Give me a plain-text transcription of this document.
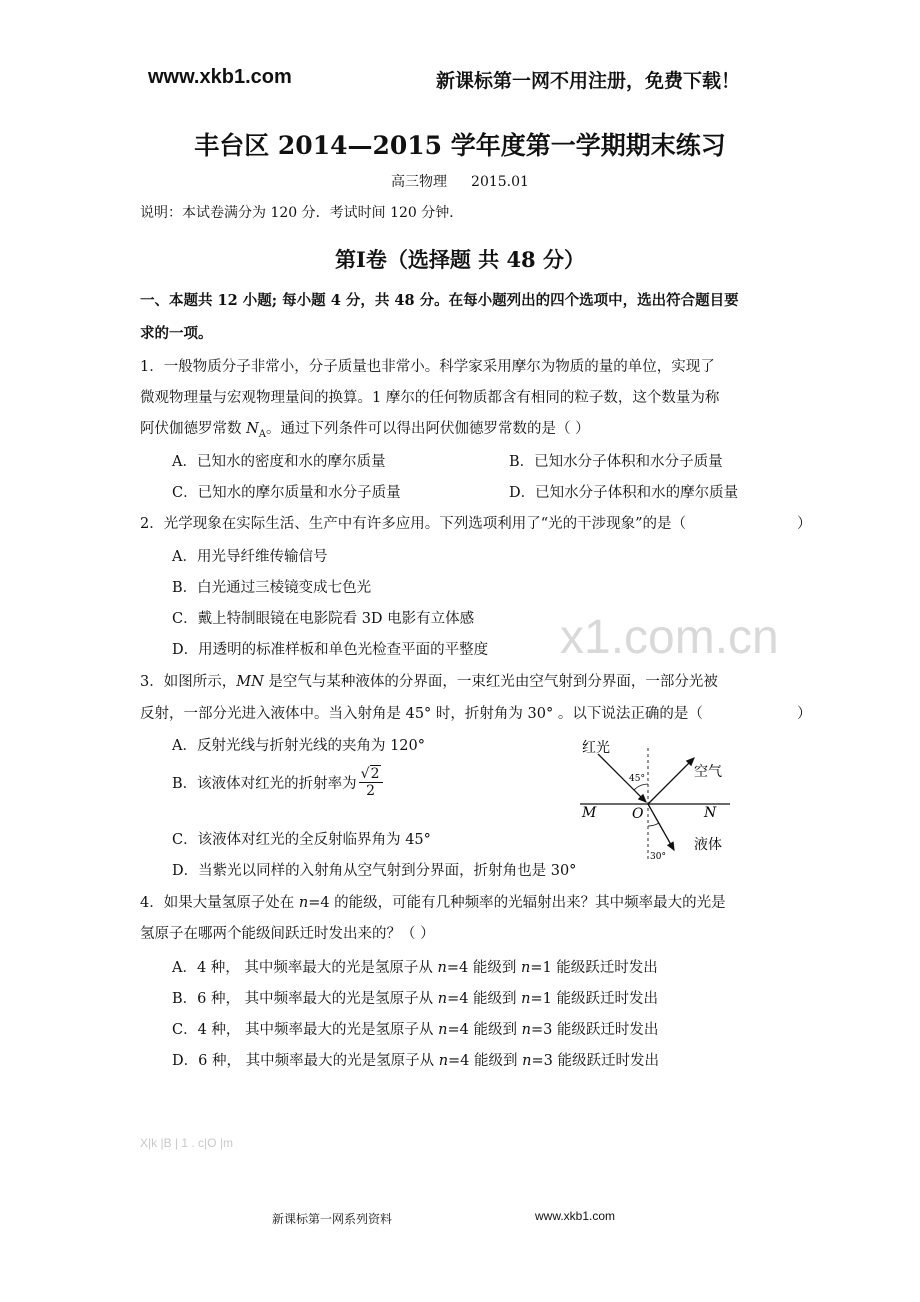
www.xkb1.com	新课标第一网不用注册，免费下载！
丰台区 2014—2015 学年度第一学期期末练习
高三物理 2015.01
说明：本试卷满分为 120 分．考试时间 120 分钟．
第Ⅰ卷（选择题 共 48 分）
一、本题共 12 小题; 每小题 4 分，共 48 分。在每小题列出的四个选项中，选出符合题目要
求的一项。
1．一般物质分子非常小，分子质量也非常小。科学家采用摩尔为物质的量的单位，实现了
微观物理量与宏观物理量间的换算。1 摩尔的任何物质都含有相同的粒子数，这个数量为称
阿伏伽德罗常数 $N_A$。通过下列条件可以得出阿伏伽德罗常数的是（ ）
A．已知水的密度和水的摩尔质量	B．已知水分子体积和水分子质量
C．已知水的摩尔质量和水分子质量	D．已知水分子体积和水的摩尔质量
2．光学现象在实际生活、生产中有许多应用。下列选项利用了“光的干涉现象”的是（	）
A．用光导纤维传输信号
B．白光通过三棱镜变成七色光
C．戴上特制眼镜在电影院看 3D 电影有立体感
D．用透明的标准样板和单色光检查平面的平整度
3．如图所示，MN 是空气与某种液体的分界面，一束红光由空气射到分界面，一部分光被
反射，一部分光进入液体中。当入射角是 45° 时，折射角为 30° 。以下说法正确的是（	）
A．反射光线与折射光线的夹角为 120°
B．该液体对红光的折射率为 $\frac{√2}{2}$
C．该液体对红光的全反射临界角为 45°
D．当紫光以同样的入射角从空气射到分界面，折射角也是 30°
红光
空气
液体
M	N
O
45°
30°
4．如果大量氢原子处在 n=4 的能级，可能有几种频率的光辐射出来？其中频率最大的光是
氢原子在哪两个能级间跃迁时发出来的？（ ）
A．4 种， 其中频率最大的光是氢原子从 n=4 能级到 n=1 能级跃迁时发出
B．6 种， 其中频率最大的光是氢原子从 n=4 能级到 n=1 能级跃迁时发出
C．4 种， 其中频率最大的光是氢原子从 n=4 能级到 n=3 能级跃迁时发出
D．6 种， 其中频率最大的光是氢原子从 n=4 能级到 n=3 能级跃迁时发出
x1.com.cn
X|k |B | 1 . c|O |m
新课标第一网系列资料	www.xkb1.com
